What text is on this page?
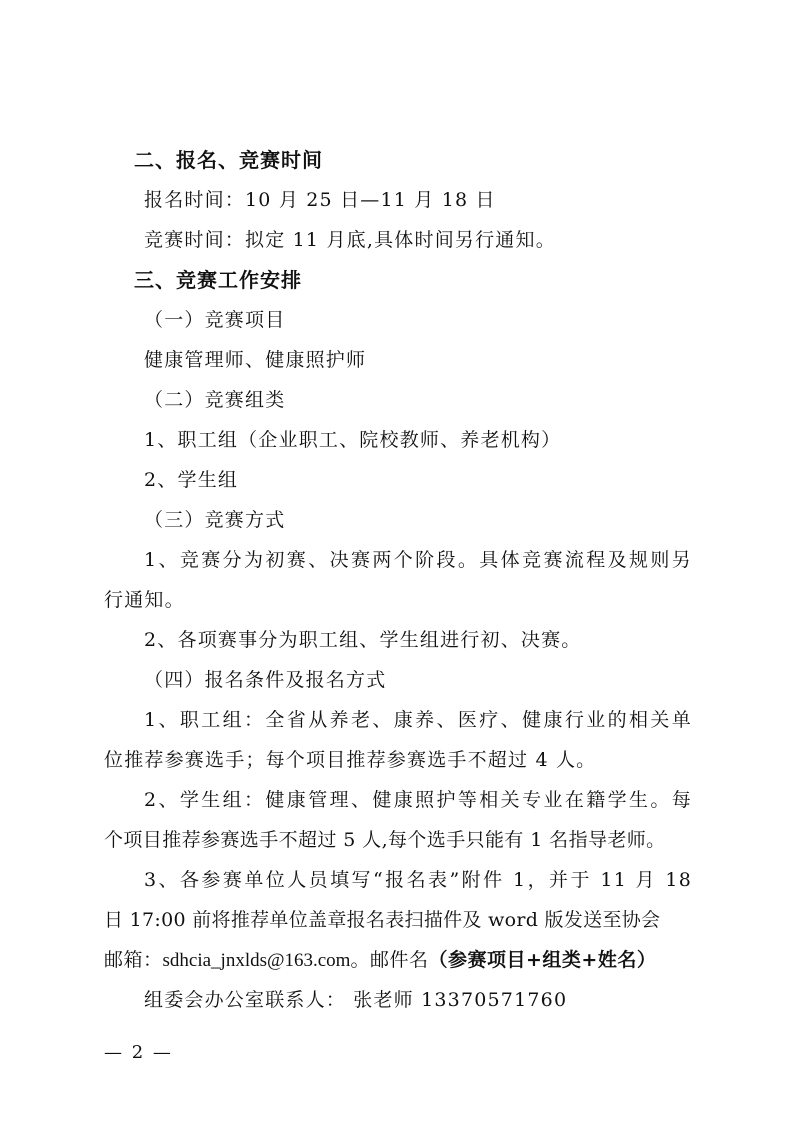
二、报名、竞赛时间
报名时间：10 月 25 日—11 月 18 日
竞赛时间：拟定 11 月底,具体时间另行通知。
三、竞赛工作安排
（一）竞赛项目
健康管理师、健康照护师
（二）竞赛组类
1、职工组（企业职工、院校教师、养老机构）
2、学生组
（三）竞赛方式
1、竞赛分为初赛、决赛两个阶段。具体竞赛流程及规则另
行通知。
2、各项赛事分为职工组、学生组进行初、决赛。
（四）报名条件及报名方式
1、职工组：全省从养老、康养、医疗、健康行业的相关单
位推荐参赛选手；每个项目推荐参赛选手不超过 4 人。
2、学生组：健康管理、健康照护等相关专业在籍学生。每
个项目推荐参赛选手不超过 5 人,每个选手只能有 1 名指导老师。
3、各参赛单位人员填写“报名表”附件 1，并于 11 月 18
日 17:00 前将推荐单位盖章报名表扫描件及 word 版发送至协会
邮箱：sdhcia_jnxlds@163.com。邮件名（参赛项目+组类+姓名）
组委会办公室联系人： 张老师 13370571760
— 2 —
